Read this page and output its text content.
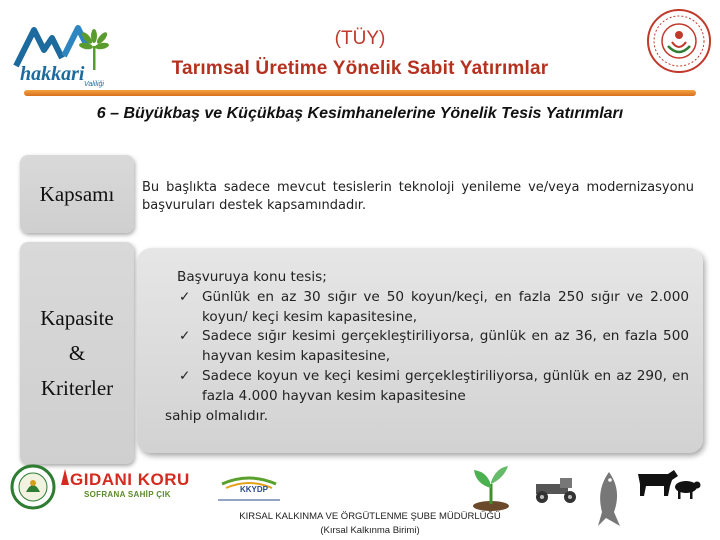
hakkari Valiliği
(TÜY)
Tarımsal Üretime Yönelik Sabit Yatırımlar
6 – Büyükbaş ve Küçükbaş Kesimhanelerine Yönelik Tesis Yatırımları
Kapsamı
Kapasite
&
Kriterler
Bu başlıkta sadece mevcut tesislerin teknoloji yenileme ve/veya modernizasyonu başvuruları destek kapsamındadır.
Başvuruya konu tesis;
✓ Günlük en az 30 sığır ve 50 koyun/keçi, en fazla 250 sığır ve 2.000 koyun/ keçi kesim kapasitesine,
✓ Sadece sığır kesimi gerçekleştiriliyorsa, günlük en az 36, en fazla 500 hayvan kesim kapasitesine,
✓ Sadece koyun ve keçi kesimi gerçekleştiriliyorsa, günlük en az 290, en fazla 4.000 hayvan kesim kapasitesine
sahip olmalıdır.
GIDANI KORU
SOFRANA SAHİP ÇIK
KKYDP
KIRSAL KALKINMA VE ÖRGÜTLENME ŞUBE MÜDÜRLÜĞÜ
(Kırsal Kalkınma Birimi)
